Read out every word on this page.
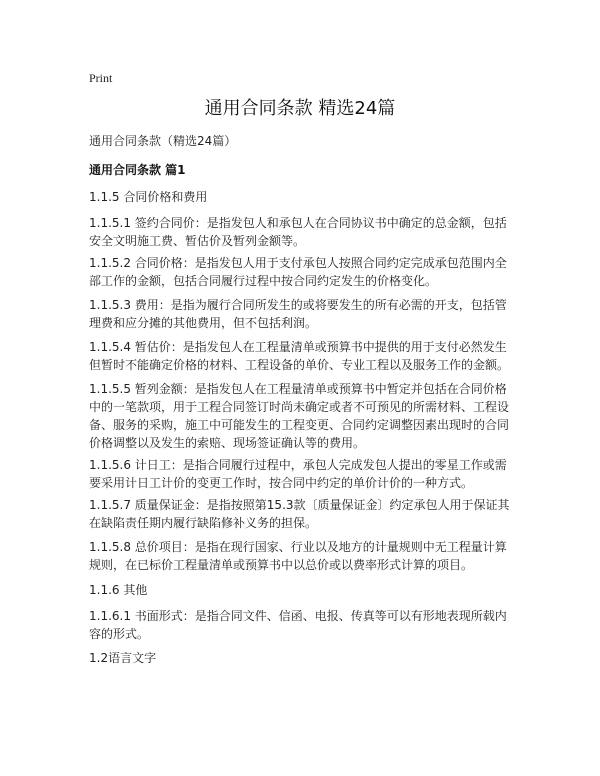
Print
通用合同条款 精选24篇

通用合同条款（精选24篇）

通用合同条款 篇1

1.1.5 合同价格和费用

1.1.5.1 签约合同价：是指发包人和承包人在合同协议书中确定的总金额，包括安全文明施工费、暂估价及暂列金额等。

1.1.5.2 合同价格：是指发包人用于支付承包人按照合同约定完成承包范围内全部工作的金额，包括合同履行过程中按合同约定发生的价格变化。

1.1.5.3 费用：是指为履行合同所发生的或将要发生的所有必需的开支，包括管理费和应分摊的其他费用，但不包括利润。

1.1.5.4 暂估价：是指发包人在工程量清单或预算书中提供的用于支付必然发生但暂时不能确定价格的材料、工程设备的单价、专业工程以及服务工作的金额。

1.1.5.5 暂列金额：是指发包人在工程量清单或预算书中暂定并包括在合同价格中的一笔款项，用于工程合同签订时尚未确定或者不可预见的所需材料、工程设备、服务的采购，施工中可能发生的工程变更、合同约定调整因素出现时的合同价格调整以及发生的索赔、现场签证确认等的费用。

1.1.5.6 计日工：是指合同履行过程中，承包人完成发包人提出的零星工作或需要采用计日工计价的变更工作时，按合同中约定的单价计价的一种方式。

1.1.5.7 质量保证金：是指按照第15.3款〔质量保证金〕约定承包人用于保证其在缺陷责任期内履行缺陷修补义务的担保。

1.1.5.8 总价项目：是指在现行国家、行业以及地方的计量规则中无工程量计算规则，在已标价工程量清单或预算书中以总价或以费率形式计算的项目。

1.1.6 其他

1.1.6.1 书面形式：是指合同文件、信函、电报、传真等可以有形地表现所载内容的形式。

1.2语言文字
